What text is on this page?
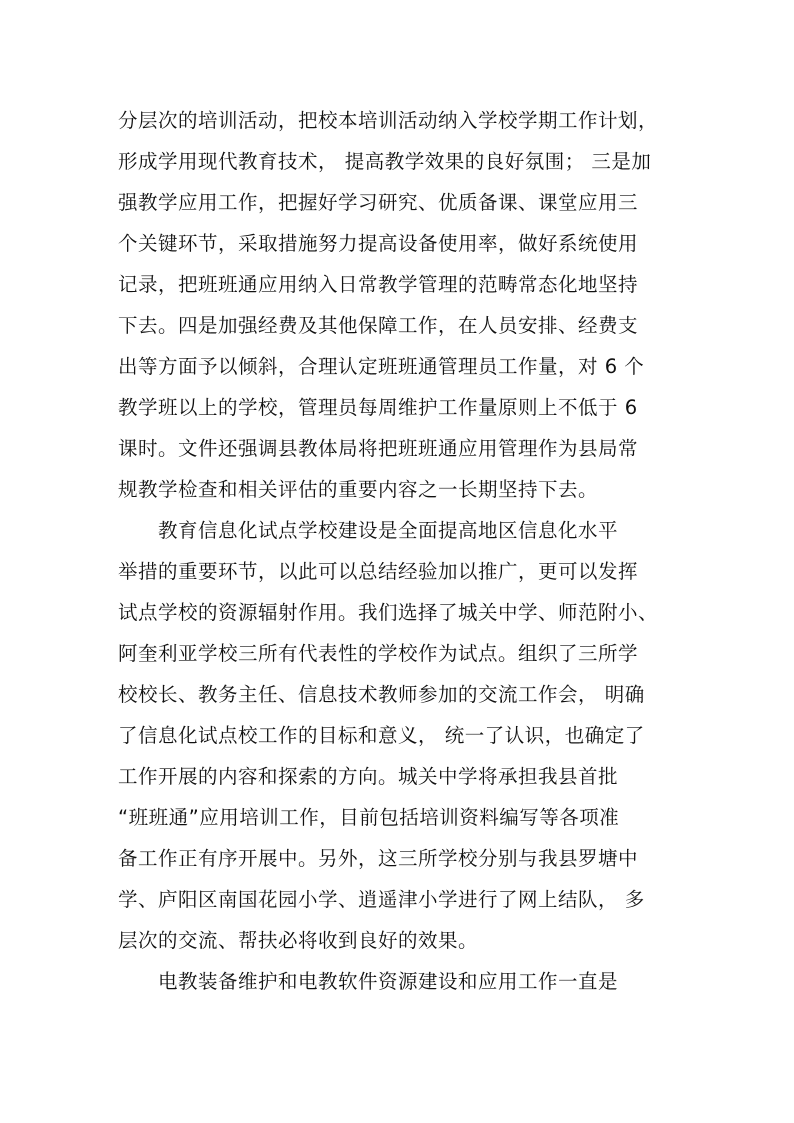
分层次的培训活动，把校本培训活动纳入学校学期工作计划，
形成学用现代教育技术， 提高教学效果的良好氛围； 三是加
强教学应用工作，把握好学习研究、优质备课、课堂应用三
个关键环节，采取措施努力提高设备使用率，做好系统使用
记录，把班班通应用纳入日常教学管理的范畴常态化地坚持
下去。四是加强经费及其他保障工作，在人员安排、经费支
出等方面予以倾斜，合理认定班班通管理员工作量，对 6 个
教学班以上的学校，管理员每周维护工作量原则上不低于 6
课时。文件还强调县教体局将把班班通应用管理作为县局常
规教学检查和相关评估的重要内容之一长期坚持下去。
　　教育信息化试点学校建设是全面提高地区信息化水平
举措的重要环节，以此可以总结经验加以推广，更可以发挥
试点学校的资源辐射作用。我们选择了城关中学、师范附小、
阿奎利亚学校三所有代表性的学校作为试点。组织了三所学
校校长、教务主任、信息技术教师参加的交流工作会， 明确
了信息化试点校工作的目标和意义， 统一了认识，也确定了
工作开展的内容和探索的方向。城关中学将承担我县首批
“班班通”应用培训工作，目前包括培训资料编写等各项准
备工作正有序开展中。另外，这三所学校分别与我县罗塘中
学、庐阳区南国花园小学、逍遥津小学进行了网上结队， 多
层次的交流、帮扶必将收到良好的效果。
　　电教装备维护和电教软件资源建设和应用工作一直是
